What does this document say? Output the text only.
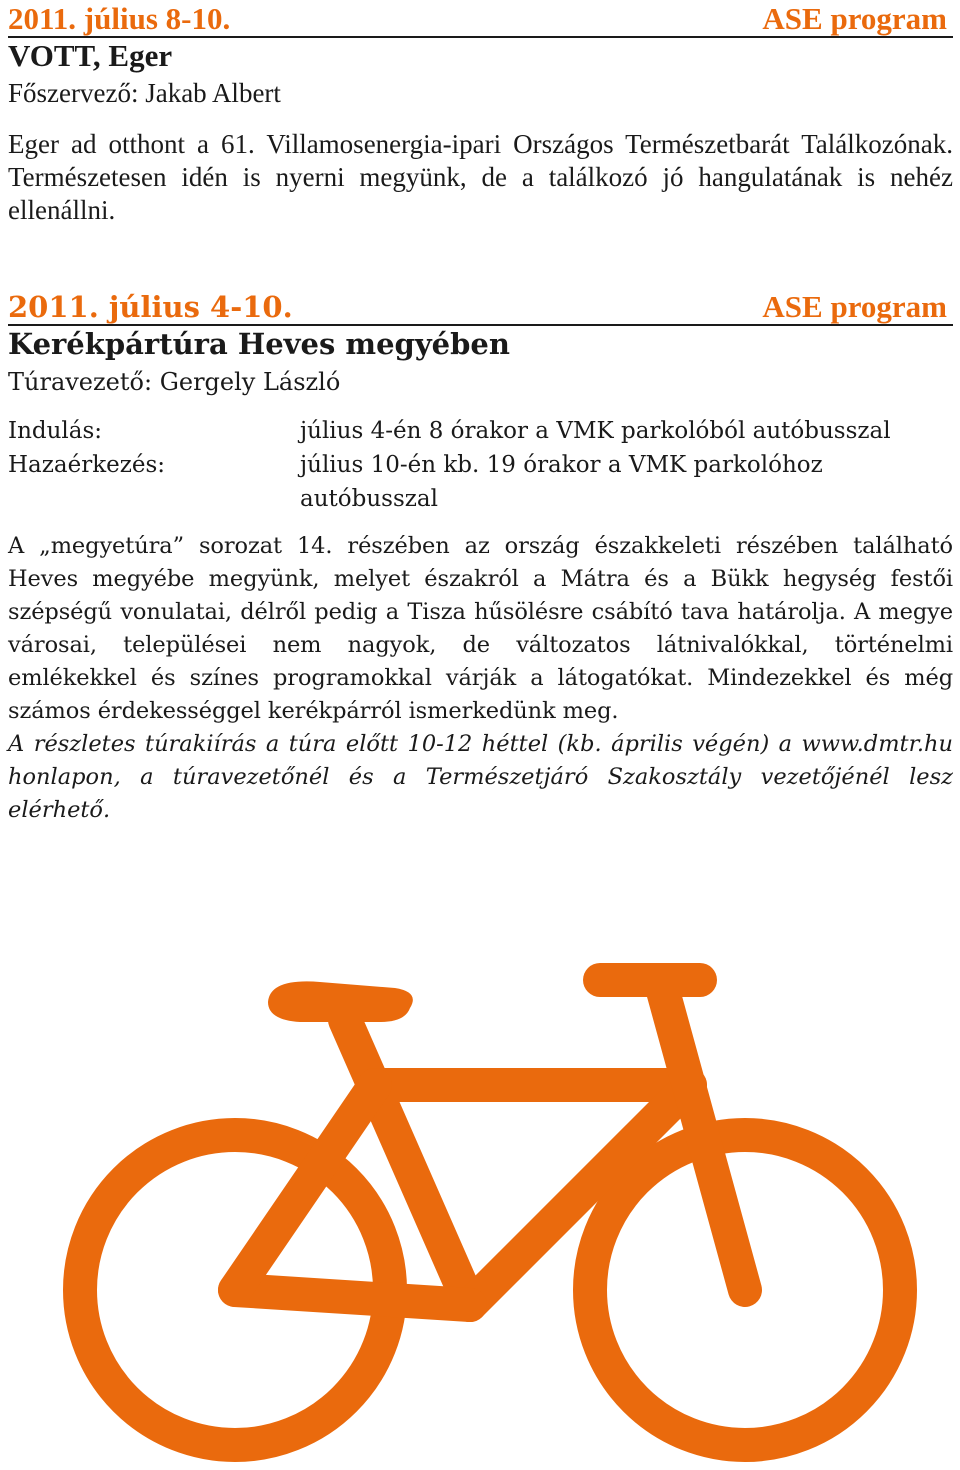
2011. július 8-10.	ASE program
VOTT, Eger
Főszervező: Jakab Albert
Eger ad otthont a 61. Villamosenergia-ipari Országos Természetbarát Találkozónak. Természetesen idén is nyerni megyünk, de a találkozó jó hangulatának is nehéz ellenállni.
2011. július 4-10.	ASE program
Kerékpártúra Heves megyében
Túravezető: Gergely László
Indulás:	július 4-én 8 órakor a VMK parkolóból autóbusszal
Hazaérkezés:	július 10-én kb. 19 órakor a VMK parkolóhoz autóbusszal
A „megyetúra” sorozat 14. részében az ország északkeleti részében található Heves megyébe megyünk, melyet északról a Mátra és a Bükk hegység festői szépségű vonulatai, délről pedig a Tisza hűsölésre csábító tava határolja. A megye városai, települései nem nagyok, de változatos látnivalókkal, történelmi emlékekkel és színes programokkal várják a látogatókat. Mindezekkel és még számos érdekességgel kerékpárról ismerkedünk meg.
A részletes túrakiírás a túra előtt 10-12 héttel (kb. április végén) a www.dmtr.hu honlapon, a túravezetőnél és a Természetjáró Szakosztály vezetőjénél lesz elérhető.
